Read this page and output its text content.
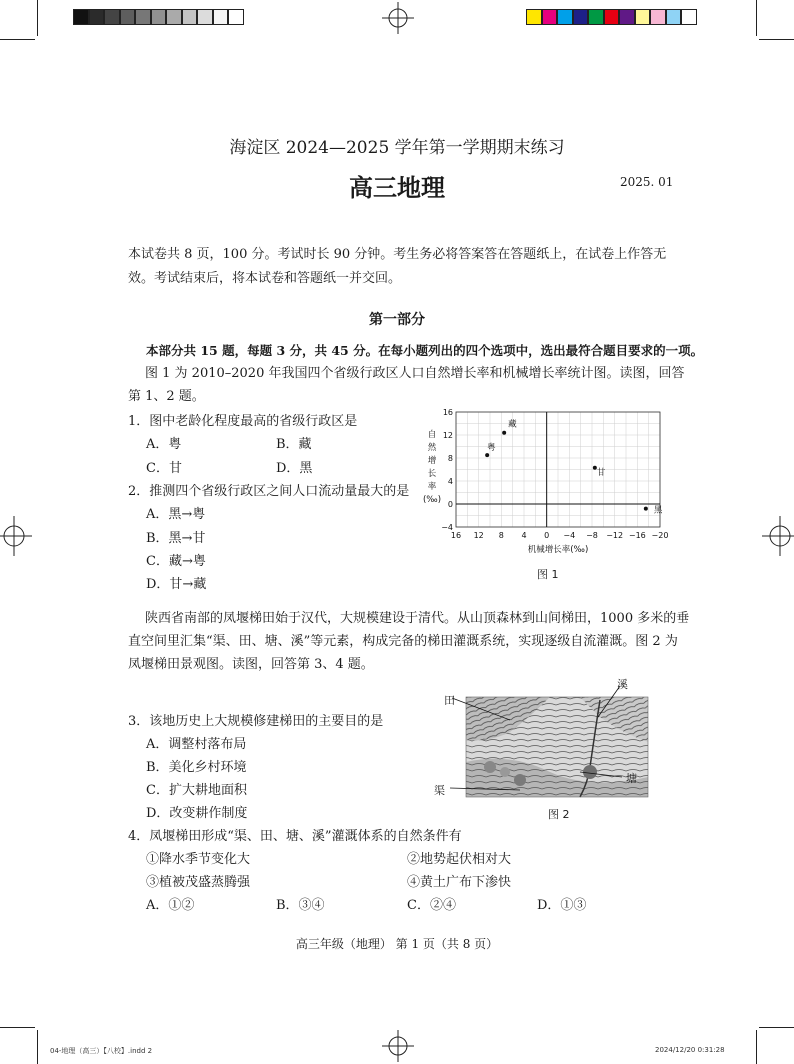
海淀区 2024—2025 学年第一学期期末练习
高三地理	2025. 01
本试卷共 8 页，100 分。考试时长 90 分钟。考生务必将答案答在答题纸上，在试卷上作答无
效。考试结束后，将本试卷和答题纸一并交回。
第一部分
本部分共 15 题，每题 3 分，共 45 分。在每小题列出的四个选项中，选出最符合题目要求的一项。
图 1 为 2010–2020 年我国四个省级行政区人口自然增长率和机械增长率统计图。读图，回答
第 1、2 题。
1．图中老龄化程度最高的省级行政区是
A．粤	B．藏
C．甘	D．黑
2．推测四个省级行政区之间人口流动量最大的是
A．黑→粤
B．黑→甘
C．藏→粤
D．甘→藏
16 12 8 4 0 −4 −8 −12 −16 −20
−4
0
4
8
12
16
机械增长率(‰)
自
然
增
长
率
(‰)
粤
藏
甘
黑
图 1
陕西省南部的凤堰梯田始于汉代，大规模建设于清代。从山顶森林到山间梯田，1000 多米的垂
直空间里汇集“渠、田、塘、溪”等元素，构成完备的梯田灌溉系统，实现逐级自流灌溉。图 2 为
凤堰梯田景观图。读图，回答第 3、4 题。
田
溪
塘
渠
图 2
3．该地历史上大规模修建梯田的主要目的是
A．调整村落布局
B．美化乡村环境
C．扩大耕地面积
D．改变耕作制度
4．凤堰梯田形成“渠、田、塘、溪”灌溉体系的自然条件有
①降水季节变化大	②地势起伏相对大
③植被茂盛蒸腾强	④黄土广布下渗快
A．①②	B．③④	C．②④	D．①③
高三年级（地理） 第 1 页（共 8 页）
04-地理（高三）【八校】.indd 2	2024/12/20 0:31:28
